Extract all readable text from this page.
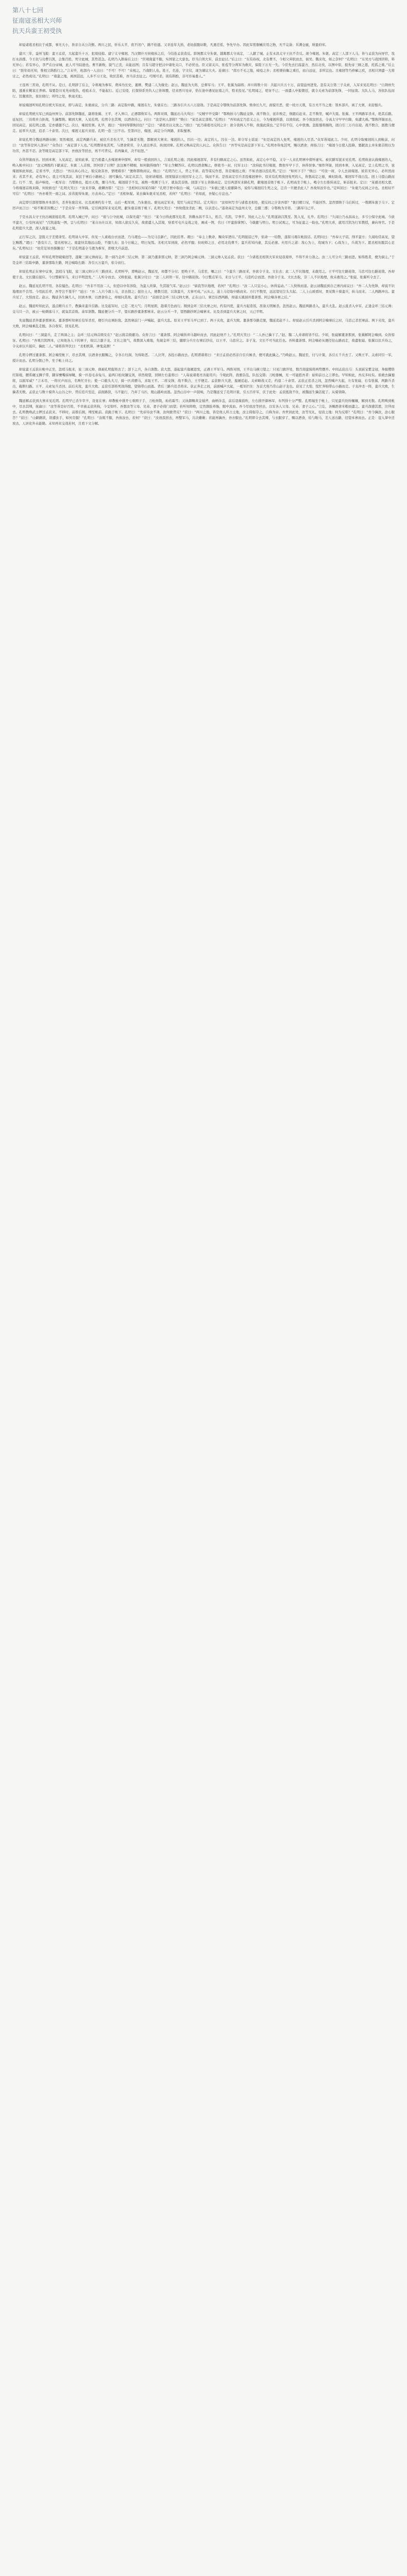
第八十七回
征南寇丞相大兴师
抗天兵蛮王初受执

却说诸葛丞相在于成都，事无大小，皆亲自从公决断。两川之民，忻乐太平，夜不闭户，路不拾遗。又幸连年大熟，老幼鼓腹讴歌，凡遇差徭，争先早办。因此军需器械应用之物，无不完备；米满仓廒，财盈府库。

建兴三年，益州飞报：蛮王孟获，大起蛮兵十万，犯境侵掠。建宁太守雍闿，乃汉朝什方侯雍齿之后，今结连孟获造反。牂牁郡太守朱褒、越嶲郡太守高定，二人献了城。止有永昌太守王伉不肯反。现今雍闿、朱褒、高定三人部下人马，皆与孟获为向导官，攻打永昌郡。今王伉与功曹吕凯，会集百姓，死守此城，其势甚急。孔明乃入朝奏后主曰：“臣观南蛮不服，实国家之大患也。臣当自领大军，前去征讨。”后主曰：“东有孙权，北有曹丕，今相父弃朕而去，倘吴、魏来攻，如之奈何？”孔明曰：“东吴方与我国讲和，料无异心；若有异心，李严在白帝城，此人可当陆逊也。曹丕新败，锐气已丧，未能远图；且有马超守把汉中诸处关口，不必忧也。臣又留关兴、张苞等分两军为救应，保陛下万无一失。今臣先去扫荡蛮方，然后北伐，以图中原，报先帝三顾之恩，托孤之重。”后主曰：“朕年幼无知，惟相父斟酌行之。”言未毕，班部内一人出曰：“不可！不可！”众视之，乃南阳人也，姓王，名连，字文仪，现为谏议大夫。连谏曰：“南方不毛之地，瘴疫之乡；丞相秉钧衡之重任，而自远征，非所宜也。且雍闿等乃疥癣之疾，丞相只须遣一大将讨之，必然成功。”孔明曰：“南蛮之地，离国甚远，人多不习王化，收伏甚难，吾当亲去征之。可刚可柔，别有斟酌，非可容易委人。”

王连再三苦劝，孔明不从。是日，孔明辞了后主，令蒋琬为参军，费祎为长史，董厥、樊建二人为掾史；赵云、魏延为大将，总督军马；王平、张翼为副将；并川将数十员：共起川兵五十万，前望益州进发。忽有关公第三子关索，入军来见孔明曰：“自荆州失陷，逃难在鲍家庄养病。每要赴川见先帝报仇，疮痕未合，不能起行。近已安痊，打探得系吴仇人已皆诛戮，径来西川见帝，恰在途中遇见征南之兵，特来投见。”孔明闻之，嗟讶不已；一面遣人申报朝廷，就令关索为前部先锋，一同征南。大队人马，各依队伍而行。饥餐渴饮，夜住晓行；所经之处，秋毫无犯。

却说雍闿听知孔明自统大军而来，即与高定、朱褒商议，分兵三路：高定取中路，雍闿在左，朱褒在右；三路各引兵五六万迎敌。于是高定令鄂焕为前部先锋。焕身长九尺，面貌丑恶，使一枝方天戟，有万夫不当之勇：领本部兵，离了大寨，来迎蜀兵。

却说孔明统大军已到益州界分。前部先锋魏延，副将张翼、王平，才入界口，正遇鄂焕军马。两阵对圆，魏延出马大骂曰：“反贼早早受降！”鄂焕拍马与魏延交锋。战不数合，延诈败走，焕随后赶来。走不数里，喊声大震。张翼、王平两路军杀来，绝其后路。延复回，三员将并力拒战，生擒鄂焕。解到大寨，入见孔明。孔明令去其缚，以酒食待之。问曰：“汝是何人部将？”焕曰：“某是高定部将。”孔明曰：“吾知高定乃忠义之士，今为雍闿所惑，以致如此。吾今放汝回去，令高太守早早归降，免遭大祸。”鄂焕拜谢而去，回见高定，说孔明之德。定亦感激不已。次日，雍闿至寨。礼毕，闿曰：“如何得鄂焕回也？”定曰：“诸葛亮以义放之。”闿曰：“此乃诸葛亮反间之计：欲令我两人不和，故施此谋也。”定半信不信，心中犹豫。忽报蜀将搦战，闿自引三万兵出迎。战不数合，闿拨马便走。延率兵大进，追杀二十余里。次日，雍闿又起兵来迎。孔明一连三日不出。至第四日，雍闿、高定分兵两路，来取蜀寨。

却说孔明令魏延两路伺候；果然雍闿、高定两路兵来，被伏兵杀伤大半，生擒者无数，都解到大寨来。雍闿的人，囚在一边；高定的人，囚在一边。却令军士谣说：“但是高定的人免死，雍闿的人尽杀。”众军皆闻此言。少时，孔明令取雍闿的人到帐前，问曰：“汝等皆是何人部从？”众伪曰：“高定部下人也。”孔明教皆免其死，与酒食赏劳，令人送出界首，纵放回寨。孔明又唤高定的人问之。众皆告曰：“吾等实是高定部下军士。”孔明亦皆免其死，赐以酒食；却扬言曰：“雍闿今日使人投降，要献汝主并朱褒首级以为功劳，吾甚不忍。汝等既是高定部下军，吾放汝等回去，再不可背反。若再擒来，决不轻恕。”

众皆拜谢而去。回到本寨，入见高定，说知此事。定乃密遣人去雍闿寨中探听，却有一般放回的人，言说孔明之德；因此雍闿部军，多有归顺高定之心。虽然如此，高定心中不稳，又令一人来孔明寨中探听虚实。被伏路军捉来见孔明。孔明故意认做雍闿的人，唤入帐中问曰：“汝元帅既约下献高定、朱褒二人首级，因何误了日期？汝这厮不精细，如何做得细作！”军士含糊答应。孔明以酒食赐之，修密书一封，付军士曰：“汝持此书付雍闿，教他早早下手，休得误事。”细作拜谢，回到本寨，入见高定，呈上孔明之书，说雍闿如此如此。定看书毕，大怒曰：“吾以真心待之，彼反欲害吾，情理难容！”便唤鄂焕商议。焕曰：“孔明乃仁人，背之不祥。我等谋反作恶，皆是雍闿之故；不如杀闿以投孔明。”定曰：“如何下手？”焕曰：“可设一席，令人去请雍闿。彼若无异心，必坦然而来；若其不来，必有异心。我主可攻其前，某伏于寨后小路候之：闿可擒矣。”高定从其言，设席请雍闿。闿果疑前日放回军士之言，惧而不来。是夜高定引兵杀投雍闿寨中。原来有孔明放回免死的人，皆想高定之德，乘时助战。雍闿军不战自乱。闿上马望山路而走。行不二里，鼓声响处，一彪军出：乃鄂焕也，挺方天戟，骤马当先。雍闿措手不及，被焕一戟刺于马下，就枭其首级。闿部下军士皆降高定。定引两部军来降孔明，献雍闿首级于帐下。孔明高坐于帐上，喝令左右推转高定，斩首报来。定曰：“某感丞相大恩，今将雍闿首级来降，何故斩也？”孔明大笑曰：“汝来诈降，敢瞒吾耶！”定曰：“丞相何以知某诈降？”孔明于匣中取出一缄，与高定曰：“朱褒已使人密献降书，说你与雍闿结生死之交，岂肯一旦便杀此人？吾故知汝诈也。”定叫屈曰：“朱褒乃反间之计也。丞相切不可信！”孔明曰：“吾亦难凭一面之词。汝若捉得朱褒，方表真心。”定曰：“丞相休疑。某去擒朱褒来见丞相，若何？”孔明曰：“若如此，吾疑心方息也。”

高定即引部将鄂焕并本部兵，杀奔朱褒营来。比及离寨约有十里，山后一彪军到，乃朱褒也。褒见高定军来，慌忙与高定答话。定大骂曰：“汝如何写书与诸葛丞相处，使反间之计害吾耶？”褒目瞪口呆，不能回答。忽然鄂焕于马后转过，一戟刺朱褒于马下。定厉声而言曰：“如不顺者皆戮之！”于是众军一齐拜降。定引两部军来见孔明，献朱褒首级于帐下。孔明大笑曰：“吾故使汝杀此二贼，以表忠心。”遂命高定为益州太守，总摄三郡；令鄂焕为牙将。三路军马已平。

于是永昌太守王伉出城迎接孔明。孔明入城已毕，问曰：“谁与公守此城，以保无虞？”伉曰：“某今日得此郡无危者，皆赖永昌不韦人，姓吕，名凯，字季平。皆此人之力。”孔明遂请吕凯至。凯入见，礼毕。孔明曰：“久闻公乃永昌高士，多亏公保守此城。今欲平蛮方，公有何高见？”吕凯遂取一图，呈与孔明曰：“某自历仕以来，知南人欲反久矣，故密遣人入其境，察看可屯兵交战之处，画成一图，名曰《平蛮指掌图》。今敢献与明公。明公试观之，可为征蛮之一助也。”孔明大喜，就用吕凯为行军教授，兼向导官。于是孔明提兵大进，深入南蛮之境。

正行军之次，忽报天子差使命至。孔明请入中军，但见一人素袍白衣而进，乃马谡也——为兄马良新亡，因此挂孝。谡曰：“奉主上敕命，赐众军酒帛。”孔明接诏已毕，依命一一给散，遂留马谡在帐叙话。孔明问曰：“吾奉天子诏，削平蛮方；久闻幼常高见，望乞赐教。”谡曰：“愚有片言，望丞相察之。南蛮恃其地远山险，不服久矣；虽今日破之，明日复叛。丞相大军到彼，必然平服；但班师之日，必用北伐曹丕；蛮兵若知内虚，其反必速。夫用兵之道：攻心为上，攻城为下；心战为上，兵战为下。愿丞相但服其心足矣。”孔明叹曰：“幼常足知吾肺腑也！”于是孔明遂令马谡为参军，即统大兵前进。

却说蛮王孟获，听知孔明智破雍闿等，遂聚三洞元帅商议。第一洞乃金环三结元帅，第二洞乃董荼那元帅，第三洞乃阿会喃元帅。三洞元帅入见孟获。获曰：“今诸葛丞相领大军来侵我境界，不得不并力敌之。汝三人可分兵三路而进。如得胜者，便为洞主。”于是金环三结取中路，董荼那取左路，阿会喃取右路：各引五万蛮兵，依令而行。

却说孔明正在寨中议事，忽哨马飞报，说三洞元帅分兵三路到来。孔明听毕，即唤赵云、魏延至，却都不分付；更唤王平、马忠至，嘱之曰：“今蛮兵三路而来，吾欲令子龙、文长去；此二人不识地理，未敢用之。王平可往左路迎敌，马忠可往右路迎敌。吾却使子龙、文长随后接应。今日整顿军马，来日平明进发。”二人听令而去。又唤张嶷、张翼分付曰：“汝二人同领一军，往中路迎敌。今日整点军马，来日与王平、马忠约会而进。吾欲令子龙、文长去取，奈二人不识地理，故未敢用之。”张嶷、张翼听令去了。

赵云、魏延见孔明不用，各有愠色。孔明曰：“吾非不用汝二人，但恐以中年涉险，为蛮人所算，失其锐气耳。”赵云曰：“倘我等识地理，若何？”孔明曰：“汝二人只宜小心，休得妄动。”二人怏怏而退。赵云请魏延到自己寨内商议曰：“吾二人为先锋，却说不识地理而不肯用。今用此后辈，吾等岂不羞乎？”延曰：“吾二人只今就上马，亲去探之；捉住土人，便教引进，以敌蛮兵，大事可成。”云从之，遂上马径取中路而来。方行不数里，远远望见尘头大起。二人上山坡看时，果见数十骑蛮兵，纵马而来。二人两路冲出。蛮兵见了，大惊而走。赵云、魏延各生擒几人，回到本寨，以酒食待之，却细问其故。蛮兵告曰：“前面是金环三结元帅大寨，正在山口。寨边东西两路，却通五溪洞并董荼那、阿会喃各寨之后。”

赵云、魏延听知此话，遂点精兵五千，教擒来蛮兵引路。比及起军时，已是二更天气；月明星朗，趁着月色而行。刚到金环三结大寨之时，约有四更，蛮兵方起造饭，准备天明厮杀。忽然赵云、魏延两路杀入，蛮兵大乱。赵云直杀入中军，正逢金环三结元帅；交马只一合，被云一枪刺落马下，就枭其首级。余军溃散。魏延便分兵一半，望东路抄董荼那寨来。赵云分兵一半，望西路抄阿会喃寨来。比及杀到蛮兵大寨之时，天已平明。

先说魏延杀奔董荼那寨来。董荼那听知寨后有军杀至，便引兵出寨拒敌。忽然寨前门一声喊起，蛮兵大乱。原来王平军马早已到了。两下夹攻，蛮兵大败。董荼那夺路走脱，魏延追赶不上。却说赵云引兵杀到阿会喃寨后之时，马忠已杀至寨前。两下夹攻，蛮兵大败，阿会喃乘乱走脱。各自收军，回见孔明。

孔明问曰：“三洞蛮兵，走了两洞之主；金环三结元帅首级安在？”赵云将首级献功。众皆言曰：“董荼那、阿会喃皆弃马越岭而去，因此赶他不上。”孔明大笑曰：“二人吾已擒下了。”赵、魏二人并诸将皆不信。少顷，张嶷解董荼那到，张翼解阿会喃到。众皆惊讶。孔明曰：“吾观吕凯图本，已知他各人下的寨子，故以言激子龙、文长之锐气，故教深入重地，先破金环三结，随即分兵左右寨后抄出，以王平、马忠应之。非子龙、文长不可当此任也。吾料董荼那、阿会喃必从便径往山路而走，故遣张嶷、张翼以伏兵待之，令关索以兵接应，擒此二人。”诸将皆拜伏曰：“丞相机算，神鬼莫测！”

孔明令押过董荼那、阿会喃至帐下，尽去其缚，以酒食衣服赐之，令各自归洞，勿得助恶。二人泣拜，各投小路而去。孔明谓诸将曰：“来日孟获必然亲自引兵厮杀，便可就此擒之。”乃唤赵云、魏延至，付与计策，各引五千兵去了。又唤王平、关索同引一军，授计而去。孔明分拨已毕，坐于帐上待之。

却说蛮王孟获在帐中正坐，忽哨马报来，说三洞元帅，俱被孔明捉将去了；部下之兵，各自溃散。获大怒，遂起蛮兵迤逦进发，正遇王平军马。两阵对圆，王平出马横刀望之：只见门旗开处，数百南蛮骑将两势摆开。中间孟获出马：头顶嵌宝紫金冠，身披缨络红锦袍，腰系碾玉狮子带，脚穿鹰嘴抹绿靴，骑一匹卷毛赤兔马，悬两口松纹镶宝剑，昂然观望，回顾左右蛮将曰：“人每说诸葛亮善能用兵；今观此阵，旌旗杂乱，队伍交错；刀枪器械，无一可能胜吾者：始知前日之言谬也。早知如此，吾反多时矣。谁敢去擒蜀将，以振军威？”言未尽，一将应声而出，名唤忙牙长；使一口截头大刀，骑一匹黄骠马，来取王平。二将交锋，战不数合，王平便走。孟获驱兵大进，迤逦追赶。关索略战又走，约退二十余里。孟获正追杀之间，忽然喊声大起，左有张嶷，右有张翼，两路兵杀出，截断归路。王平、关索复兵杀回。前后夹攻，蛮兵大败。孟获引部将死战得脱，望锦带山而逃。背后三路兵追杀将来。获正奔走之间，前面喊声大起，一彪军拦住：为首大将乃常山赵子龙也。获见了大惊，慌忙奔锦带山小路而走。子龙冲杀一阵，蛮兵大败，生擒者无数。孟获止与数十骑奔入山谷之中，背后追兵至近，前面路狭，马不能行，乃弃了马匹，爬山越岭而逃。忽然山谷中一声鼓响，乃是魏延受了孔明计策，引五百步军，伏于此处：孟获抵敌不住，被魏延生擒活捉了。从骑皆降。

魏延解孟获到大寨来见孔明。孔明早已杀牛宰羊，设宴在寨；却教帐中排开七重围子手，刀枪剑戟，灿若霜雪；又执御赐黄金钺斧，曲柄伞盖，前后羽葆鼓吹，左右排开御林军，布列得十分严整。孔明端坐于帐上，只见蛮兵纷纷穰穰，解到无数。孔明唤到帐中，尽去其缚，抚谕曰：“汝等皆是好百姓，不幸被孟获所拘，今受惊吓。吾想汝等父母、兄弟、妻子必倚门而望；若听知阵败，定然割肚牵肠，眼中流血。吾今尽放汝等回去，以安各人父母、兄弟、妻子之心。”言讫，各赐酒食米粮而遣之。蛮兵深感其恩，泣拜而去。孔明教唤武士押过孟获来。不移时，前推后拥，缚至帐前。获跪于帐下。孔明曰：“先帝待汝不薄，汝何敢背反？”获曰：“两川之地，皆是他人所占土地，汝主倚强夺之，自称为帝。吾世居此处，汝等无礼，侵我土地：何为反耶？”孔明曰：“吾今擒汝，汝心服否？”获曰：“山僻路狭，误遭汝手，如何肯服！”孔明曰：“汝既不服，吾放汝去，若何？”获曰：“汝放我回去，再整军马，共决雌雄；若能再擒吾，吾方服也。”孔明即令去其缚，与衣服穿了，赐以酒食，给与鞍马，差人送出路，径望本寨而去。正是：寇入掌中还放去，人居化外未能降。未知再来交战若何，且看下文分解。
